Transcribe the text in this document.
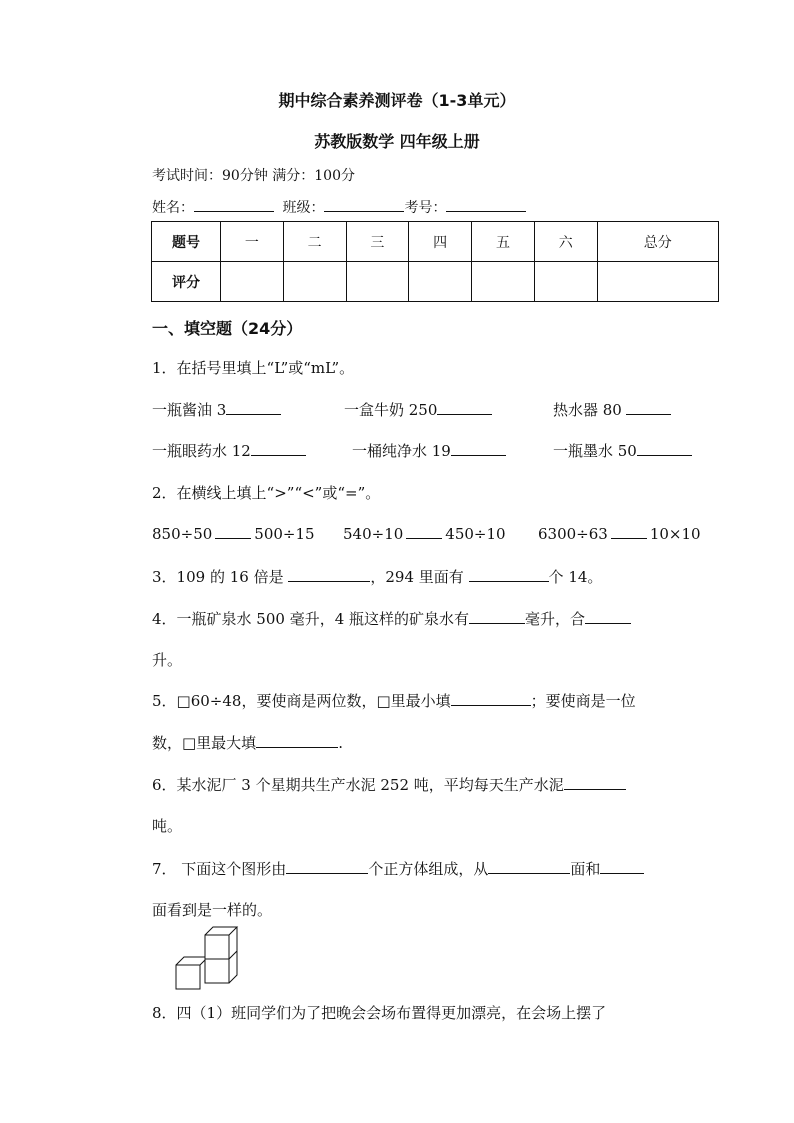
期中综合素养测评卷（1-3单元）
苏教版数学 四年级上册
考试时间：90分钟 满分：100分
姓名：	班级：	考号：
题号	一	二	三	四	五	六	总分
评分							
一、填空题（24分）
1．在括号里填上“L”或“mL”。
一瓶酱油 3	一盒牛奶 250	热水器 80
一瓶眼药水 12	一桶纯净水 19	一瓶墨水 50
2．在横线上填上“>”“<”或“=”。
850÷50	500÷15 540÷10	450÷10 6300÷63	10×10
3．109 的 16 倍是	，294 里面有	个 14。
4．一瓶矿泉水 500 毫升，4 瓶这样的矿泉水有	毫升，合
升。
5．□60÷48，要使商是两位数，□里最小填	；要使商是一位
数，□里最大填	.
6．某水泥厂 3 个星期共生产水泥 252 吨，平均每天生产水泥
吨。
7． 下面这个图形由	个正方体组成，从	面和
面看到是一样的。
8．四（1）班同学们为了把晚会会场布置得更加漂亮，在会场上摆了
